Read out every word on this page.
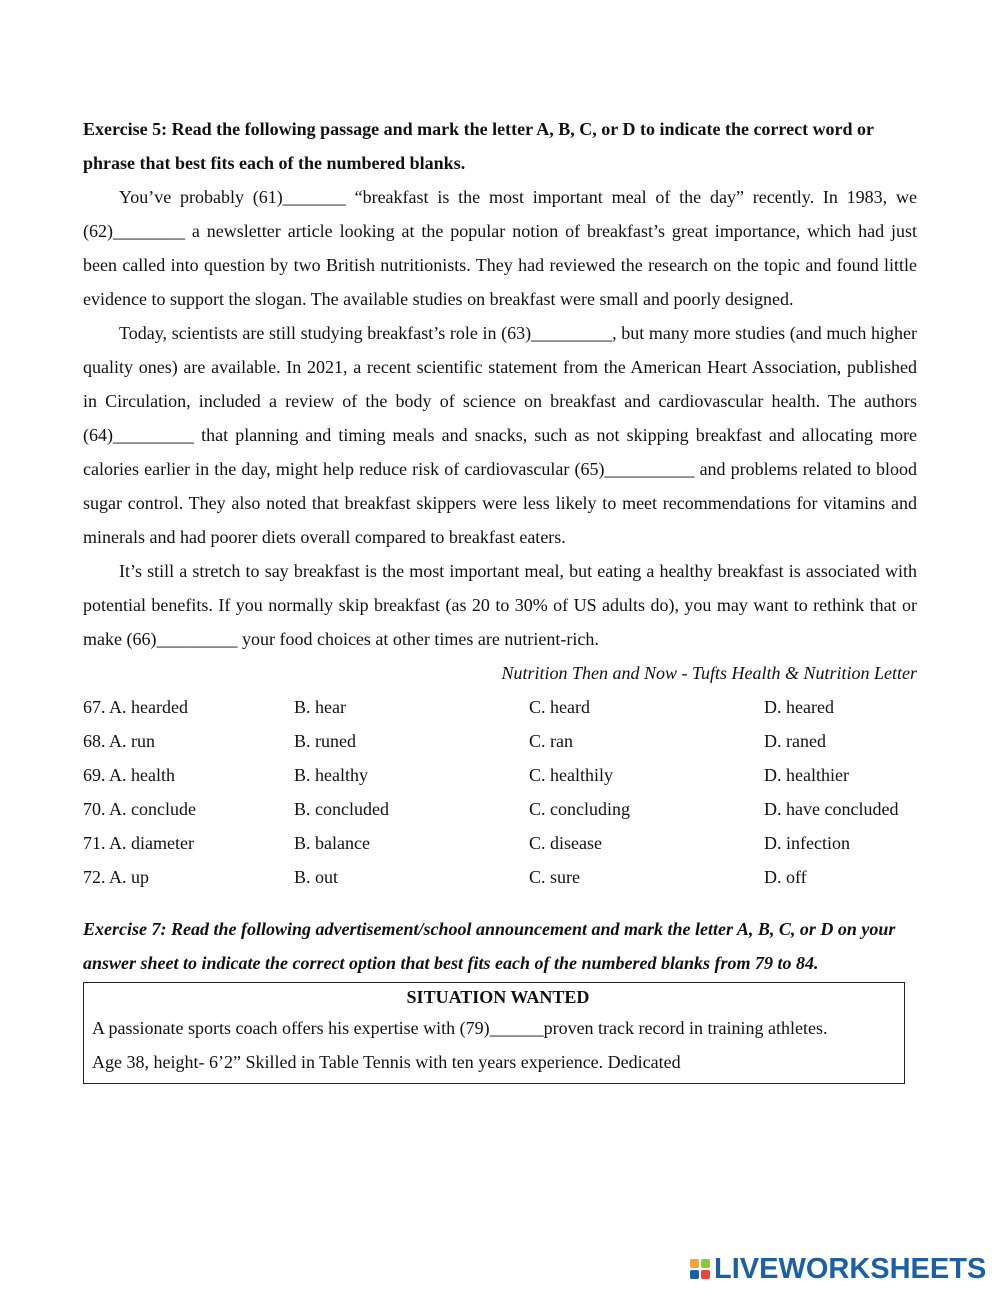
Exercise 5: Read the following passage and mark the letter A, B, C, or D to indicate the correct word or phrase that best fits each of the numbered blanks.

You’ve probably (61)_______ “breakfast is the most important meal of the day” recently. In 1983, we (62)________ a newsletter article looking at the popular notion of breakfast’s great importance, which had just been called into question by two British nutritionists. They had reviewed the research on the topic and found little evidence to support the slogan. The available studies on breakfast were small and poorly designed.

Today, scientists are still studying breakfast’s role in (63)_________, but many more studies (and much higher quality ones) are available. In 2021, a recent scientific statement from the American Heart Association, published in Circulation, included a review of the body of science on breakfast and cardiovascular health. The authors (64)_________ that planning and timing meals and snacks, such as not skipping breakfast and allocating more calories earlier in the day, might help reduce risk of cardiovascular (65)__________ and problems related to blood sugar control. They also noted that breakfast skippers were less likely to meet recommendations for vitamins and minerals and had poorer diets overall compared to breakfast eaters.

It’s still a stretch to say breakfast is the most important meal, but eating a healthy breakfast is associated with potential benefits. If you normally skip breakfast (as 20 to 30% of US adults do), you may want to rethink that or make (66)_________ your food choices at other times are nutrient-rich.

Nutrition Then and Now - Tufts Health & Nutrition Letter

67. A. hearded	B. hear	C. heard	D. heared
68. A. run	B. runed	C. ran	D. raned
69. A. health	B. healthy	C. healthily	D. healthier
70. A. conclude	B. concluded	C. concluding	D. have concluded
71. A. diameter	B. balance	C. disease	D. infection
72. A. up	B. out	C. sure	D. off

Exercise 7: Read the following advertisement/school announcement and mark the letter A, B, C, or D on your answer sheet to indicate the correct option that best fits each of the numbered blanks from 79 to 84.

SITUATION WANTED
A passionate sports coach offers his expertise with (79)______proven track record in training athletes.
Age 38, height- 6’2” Skilled in Table Tennis with ten years experience. Dedicated
LIVEWORKSHEETS
